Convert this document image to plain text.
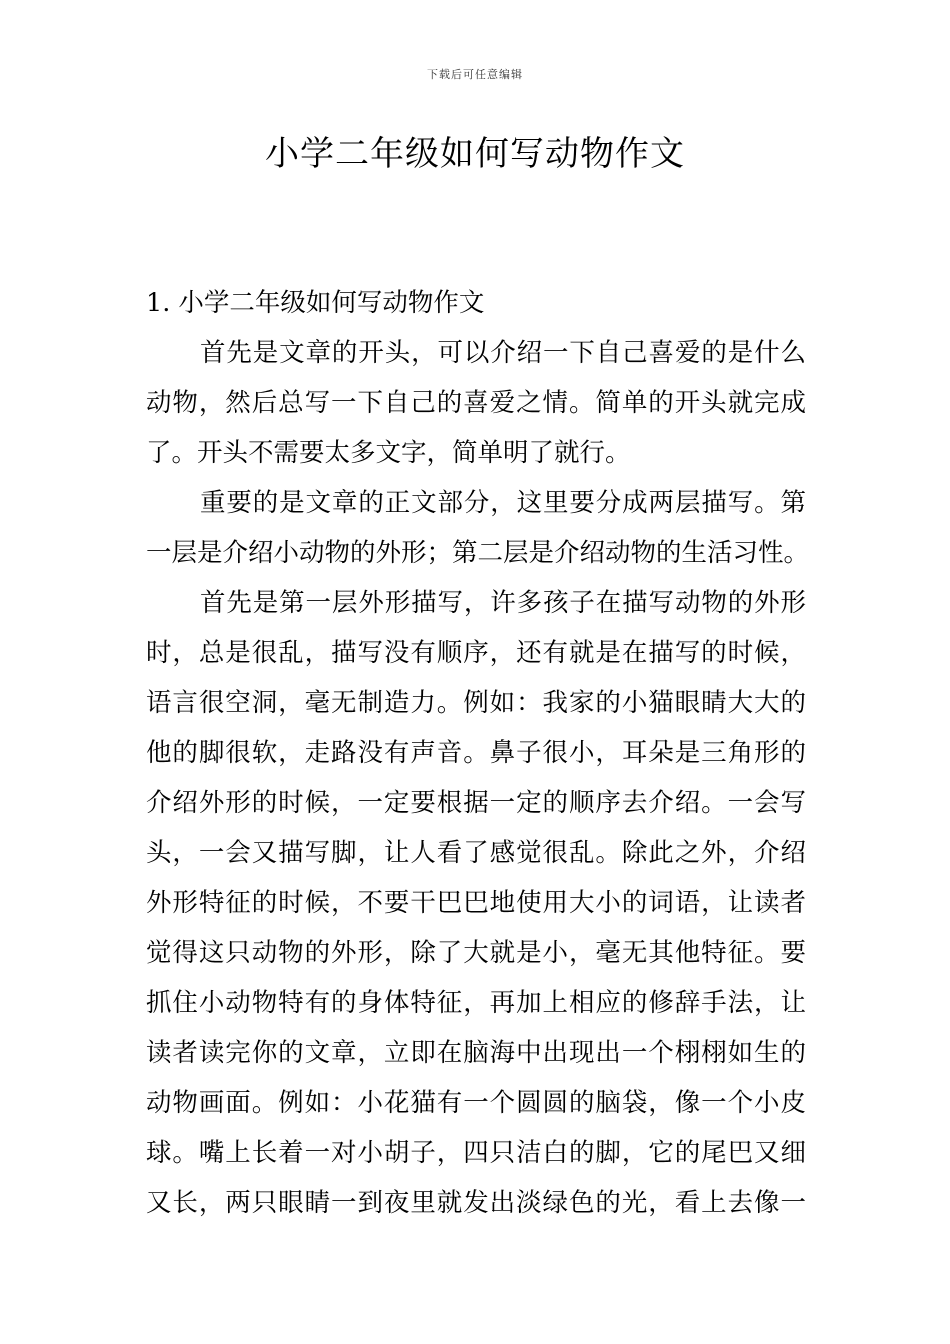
下载后可任意编辑
小学二年级如何写动物作文
1. 小学二年级如何写动物作文
首先是文章的开头，可以介绍一下自己喜爱的是什么
动物，然后总写一下自己的喜爱之情。简单的开头就完成
了。开头不需要太多文字，简单明了就行。
重要的是文章的正文部分，这里要分成两层描写。第
一层是介绍小动物的外形；第二层是介绍动物的生活习性。
首先是第一层外形描写，许多孩子在描写动物的外形
时，总是很乱，描写没有顺序，还有就是在描写的时候，
语言很空洞，毫无制造力。例如：我家的小猫眼睛大大的
他的脚很软，走路没有声音。鼻子很小，耳朵是三角形的
介绍外形的时候，一定要根据一定的顺序去介绍。一会写
头，一会又描写脚，让人看了感觉很乱。除此之外，介绍
外形特征的时候，不要干巴巴地使用大小的词语，让读者
觉得这只动物的外形，除了大就是小，毫无其他特征。要
抓住小动物特有的身体特征，再加上相应的修辞手法，让
读者读完你的文章，立即在脑海中出现出一个栩栩如生的
动物画面。例如：小花猫有一个圆圆的脑袋，像一个小皮
球。嘴上长着一对小胡子，四只洁白的脚，它的尾巴又细
又长，两只眼睛一到夜里就发出淡绿色的光，看上去像一
